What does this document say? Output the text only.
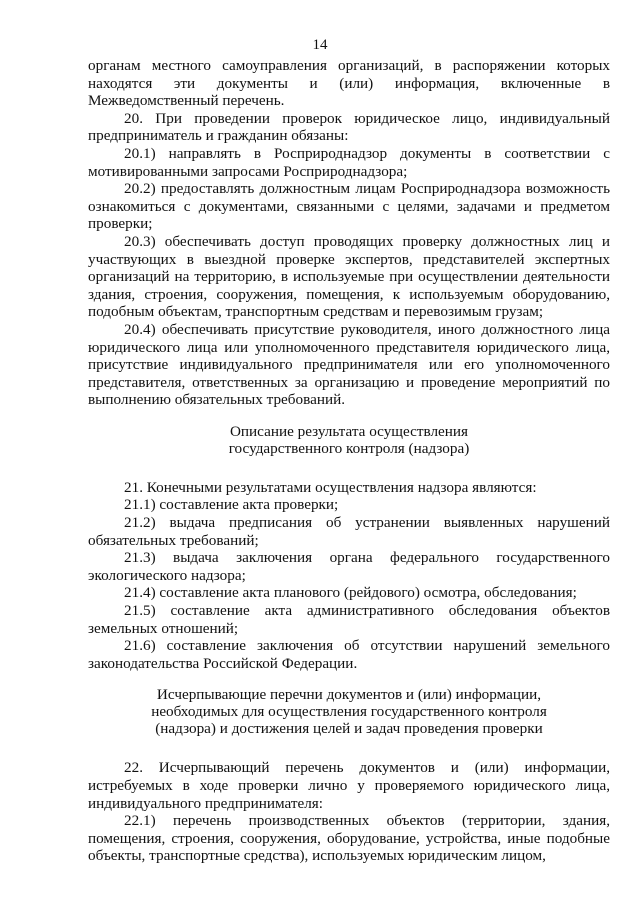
14

органам местного самоуправления организаций, в распоряжении которых находятся эти документы и (или) информация, включенные в Межведомственный перечень.

20. При проведении проверок юридическое лицо, индивидуальный предприниматель и гражданин обязаны:

20.1) направлять в Росприроднадзор документы в соответствии с мотивированными запросами Росприроднадзора;

20.2) предоставлять должностным лицам Росприроднадзора возможность ознакомиться с документами, связанными с целями, задачами и предметом проверки;

20.3) обеспечивать доступ проводящих проверку должностных лиц и участвующих в выездной проверке экспертов, представителей экспертных организаций на территорию, в используемые при осуществлении деятельности здания, строения, сооружения, помещения, к используемым оборудованию, подобным объектам, транспортным средствам и перевозимым грузам;

20.4) обеспечивать присутствие руководителя, иного должностного лица юридического лица или уполномоченного представителя юридического лица, присутствие индивидуального предпринимателя или его уполномоченного представителя, ответственных за организацию и проведение мероприятий по выполнению обязательных требований.

Описание результата осуществления
государственного контроля (надзора)

21. Конечными результатами осуществления надзора являются:

21.1) составление акта проверки;

21.2) выдача предписания об устранении выявленных нарушений обязательных требований;

21.3) выдача заключения органа федерального государственного экологического надзора;

21.4) составление акта планового (рейдового) осмотра, обследования;

21.5) составление акта административного обследования объектов земельных отношений;

21.6) составление заключения об отсутствии нарушений земельного законодательства Российской Федерации.

Исчерпывающие перечни документов и (или) информации,
необходимых для осуществления государственного контроля
(надзора) и достижения целей и задач проведения проверки

22. Исчерпывающий перечень документов и (или) информации, истребуемых в ходе проверки лично у проверяемого юридического лица, индивидуального предпринимателя:

22.1) перечень производственных объектов (территории, здания, помещения, строения, сооружения, оборудование, устройства, иные подобные объекты, транспортные средства), используемых юридическим лицом,
